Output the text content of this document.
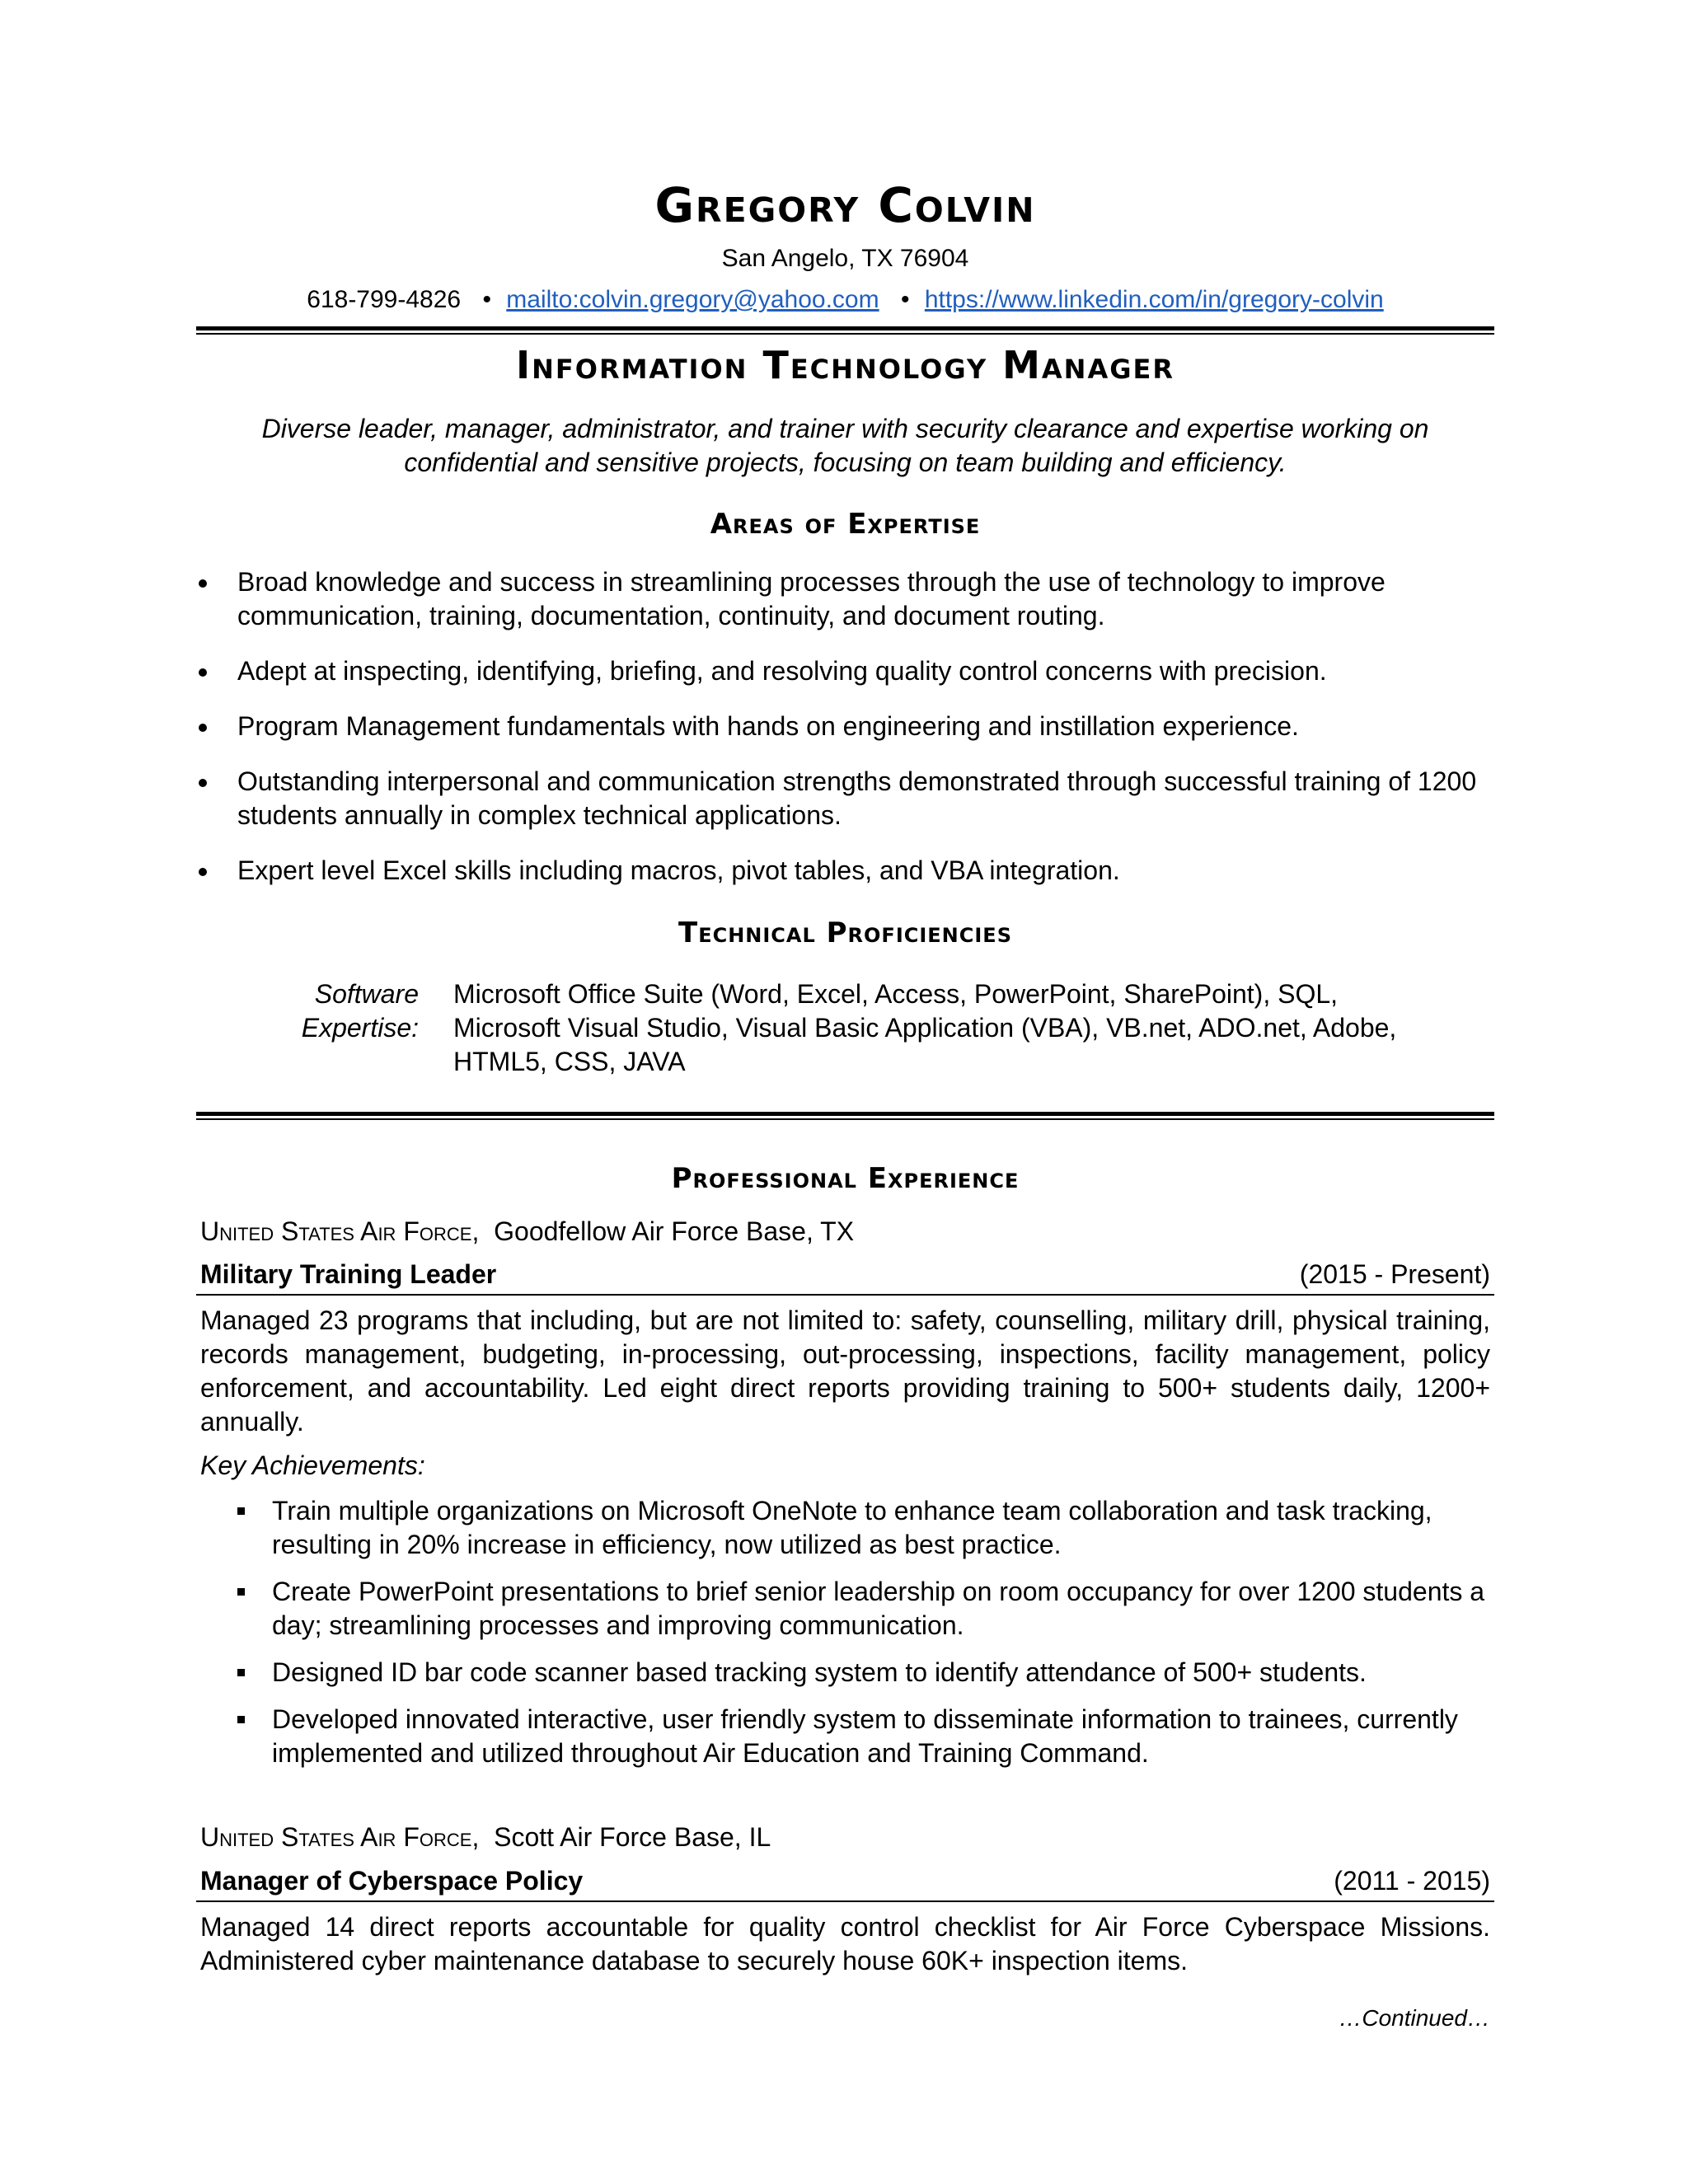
Gregory Colvin
San Angelo, TX 76904
618-799-4826 • mailto:colvin.gregory@yahoo.com • https://www.linkedin.com/in/gregory-colvin
Information Technology Manager
Diverse leader, manager, administrator, and trainer with security clearance and expertise working on
confidential and sensitive projects, focusing on team building and efficiency.
Areas of Expertise
Broad knowledge and success in streamlining processes through the use of technology to improve communication, training, documentation, continuity, and document routing.
Adept at inspecting, identifying, briefing, and resolving quality control concerns with precision.
Program Management fundamentals with hands on engineering and instillation experience.
Outstanding interpersonal and communication strengths demonstrated through successful training of 1200 students annually in complex technical applications.
Expert level Excel skills including macros, pivot tables, and VBA integration.
Technical Proficiencies
Software
Expertise:
Microsoft Office Suite (Word, Excel, Access, PowerPoint, SharePoint), SQL, Microsoft Visual Studio, Visual Basic Application (VBA), VB.net, ADO.net, Adobe, HTML5, CSS, JAVA
Professional Experience
United States Air Force,  Goodfellow Air Force Base, TX
Military Training Leader	(2015 - Present)
Managed 23 programs that including, but are not limited to: safety, counselling, military drill, physical training, records management, budgeting, in-processing, out-processing, inspections, facility management, policy enforcement, and accountability. Led eight direct reports providing training to 500+ students daily, 1200+ annually.
Key Achievements:
Train multiple organizations on Microsoft OneNote to enhance team collaboration and task tracking, resulting in 20% increase in efficiency, now utilized as best practice.
Create PowerPoint presentations to brief senior leadership on room occupancy for over 1200 students a day; streamlining processes and improving communication.
Designed ID bar code scanner based tracking system to identify attendance of 500+ students.
Developed innovated interactive, user friendly system to disseminate information to trainees, currently implemented and utilized throughout Air Education and Training Command.
United States Air Force,  Scott Air Force Base, IL
Manager of Cyberspace Policy	(2011 - 2015)
Managed 14 direct reports accountable for quality control checklist for Air Force Cyberspace Missions. Administered cyber maintenance database to securely house 60K+ inspection items.
…Continued…
